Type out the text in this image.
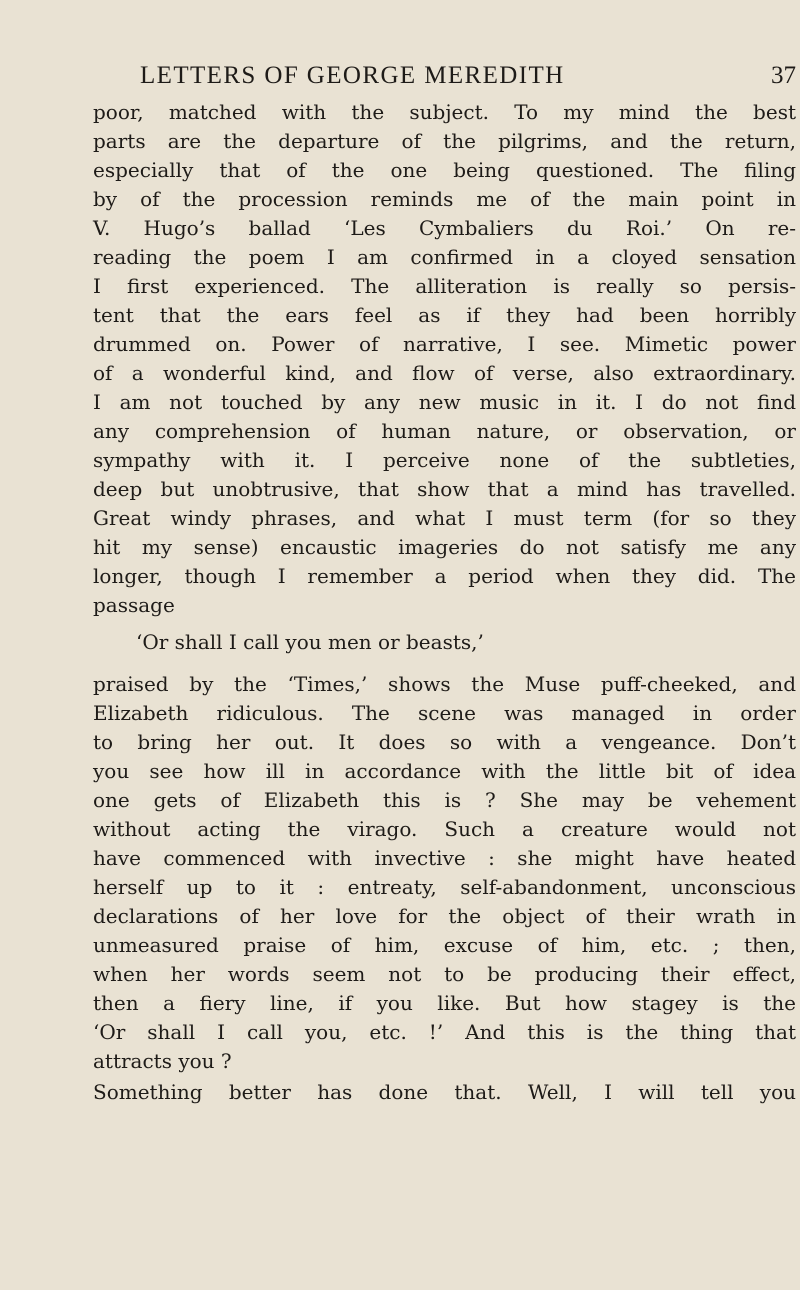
LETTERS OF GEORGE MEREDITH	37
poor, matched with the subject. To my mind the best
parts are the departure of the pilgrims, and the return,
especially that of the one being questioned. The filing
by of the procession reminds me of the main point in
V. Hugo’s ballad ‘Les Cymbaliers du Roi.’ On re-
reading the poem I am confirmed in a cloyed sensation
I first experienced. The alliteration is really so persis-
tent that the ears feel as if they had been horribly
drummed on. Power of narrative, I see. Mimetic power
of a wonderful kind, and flow of verse, also extraordinary.
I am not touched by any new music in it. I do not find
any comprehension of human nature, or observation, or
sympathy with it. I perceive none of the subtleties,
deep but unobtrusive, that show that a mind has travelled.
Great windy phrases, and what I must term (for so they
hit my sense) encaustic imageries do not satisfy me any
longer, though I remember a period when they did. The
passage
‘Or shall I call you men or beasts,’
praised by the ‘Times,’ shows the Muse puff-cheeked, and
Elizabeth ridiculous. The scene was managed in order
to bring her out. It does so with a vengeance. Don’t
you see how ill in accordance with the little bit of idea
one gets of Elizabeth this is ? She may be vehement
without acting the virago. Such a creature would not
have commenced with invective : she might have heated
herself up to it : entreaty, self-abandonment, unconscious
declarations of her love for the object of their wrath in
unmeasured praise of him, excuse of him, etc. ; then,
when her words seem not to be producing their effect,
then a fiery line, if you like. But how stagey is the
‘Or shall I call you, etc. !’ And this is the thing that
attracts you ?
Something better has done that. Well, I will tell you
